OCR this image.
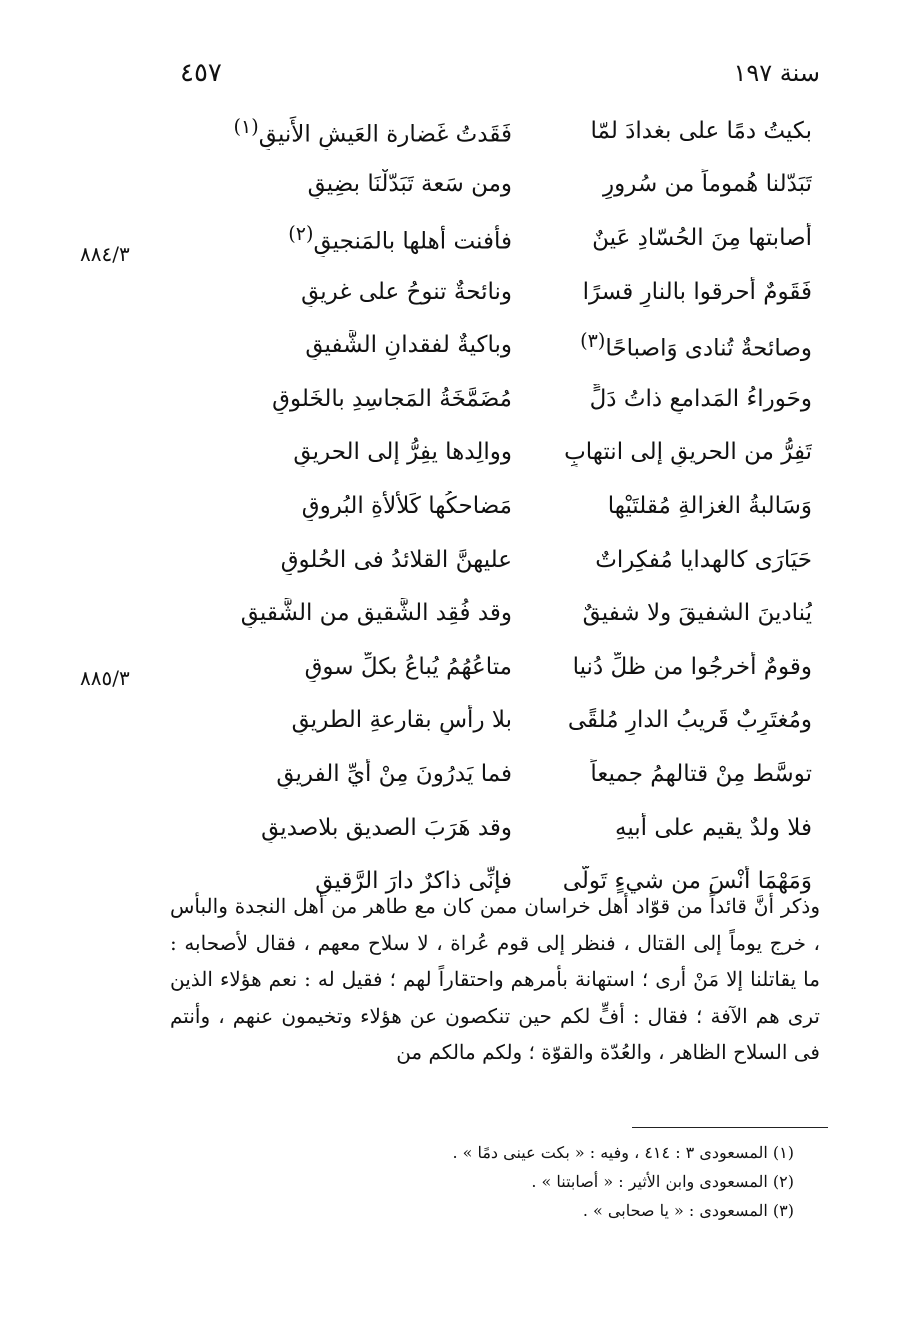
سنة ١٩٧
٤٥٧
٨٨٤/٣
٨٨٥/٣
بكيتُ دمًا على بغدادَ لمّا
فَقَدتُ غَضارة العَيشِ الأَنيقِ$^{(١)}$
تَبَدّلنا هُموماً من سُرورٍ
ومن سَعة تَبَدّلْنَا بضِيقِ
أصابتها مِنَ الحُسّادِ عَينٌ
فأفنت أهلها بالمَنجيقِ$^{(٢)}$
فَقَومٌ أحرقوا بالنارِ قسرًا
ونائحةٌ تنوحُ على غريقِ
وصائحةٌ تُنادى وَاصباحًا$^{(٣)}$
وباكيةٌ لفقدانِ الشَّفيقِ
وحَوراءُ المَدامعِ ذاتُ دَلٍّ
مُضَمَّخَةُ المَجاسِدِ بالخَلوقِ
تَفِرُّ من الحريقِ إلى انتهابٍ
ووالِدها يفِرُّ إلى الحريقِ
وَسَالبةُ الغزالةِ مُقلتَيْها
مَضاحكُها كَلألأةِ البُروقِ
حَيَارَى كالهدايا مُفكِراتٌ
عليهنَّ القلائدُ فى الحُلوقِ
يُنادينَ الشفيقَ ولا شفيقٌ
وقد فُقِد الشَّقيق من الشَّقيقِ
وقومٌ أخرجُوا من ظلِّ دُنيا
متاعُهُمُ يُباعُ بكلِّ سوقِ
ومُغتَرِبٌ قَريبُ الدارِ مُلقًى
بلا رأسٍ بقارعةِ الطريقِ
توسَّط مِنْ قتالهمُ جميعاً
فما يَدرُونَ مِنْ أيِّ الفريقِ
فلا ولدٌ يقيم على أبيهِ
وقد هَرَبَ الصديق بلاصديقِ
وَمَهْمَا أنْسَ من شيءٍ تَولَّى
فإنِّى ذاكرٌ دارَ الرَّقيقِ

وذكر أنَّ قائداً من قوّاد أهل خراسان ممن كان مع طاهر من أهل النجدة والبأس ، خرج يوماً إلى القتال ، فنظر إلى قوم عُراة ، لا سلاح معهم ، فقال لأصحابه : ما يقاتلنا إلا مَنْ أرى ؛ استهانة بأمرهم واحتقاراً لهم ؛ فقيل له : نعم هؤلاء الذين ترى هم الآفة ؛ فقال : أفٍّ لكم حين تنكصون عن هؤلاء وتخيمون عنهم ، وأنتم فى السلاح الظاهر ، والعُدّة والقوّة ؛ ولكم مالكم من

(١) المسعودى ٣ : ٤١٤ ، وفيه : « بكت عينى دمًا » .
(٢) المسعودى وابن الأثير : « أصابتنا » .
(٣) المسعودى : « يا صحابى » .
